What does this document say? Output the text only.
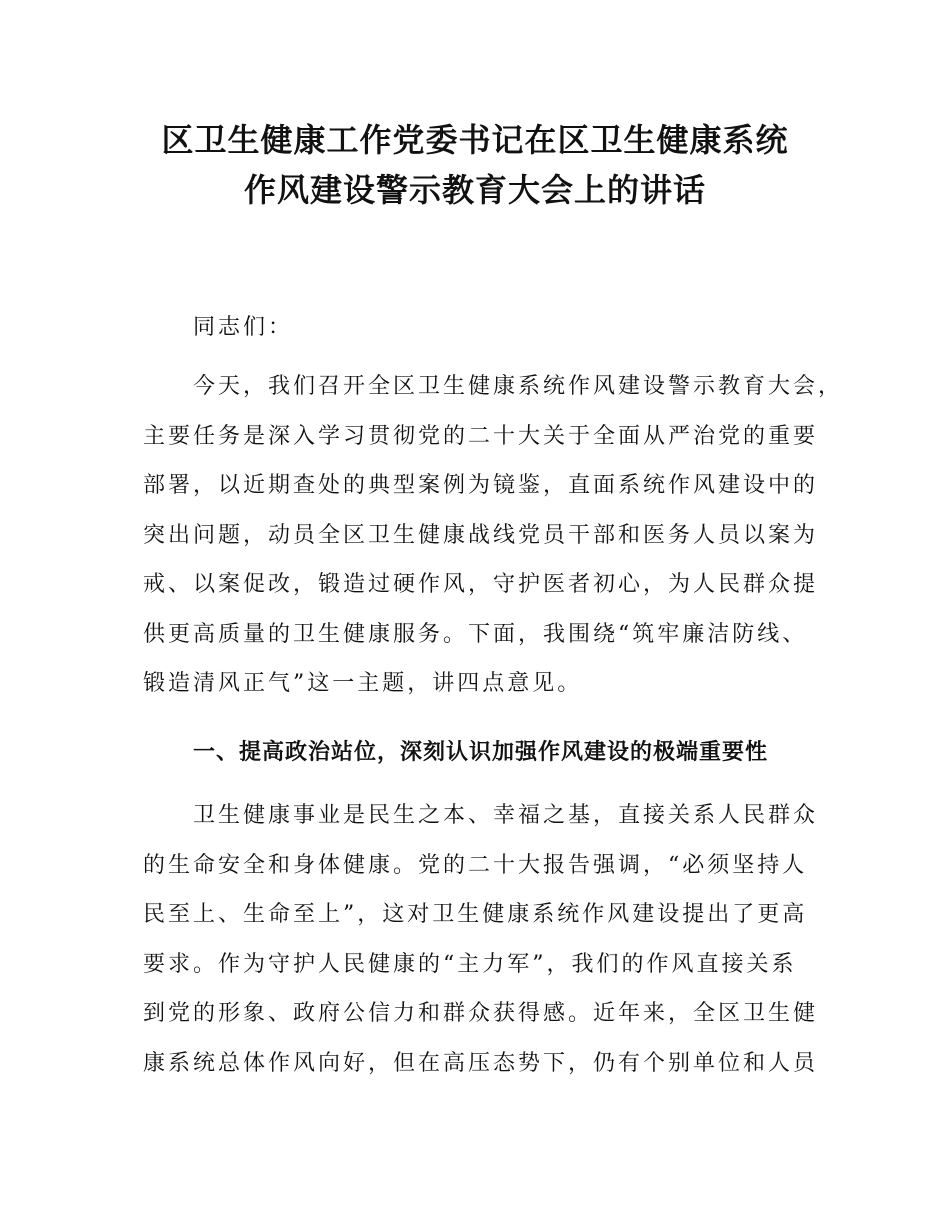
区卫生健康工作党委书记在区卫生健康系统
作风建设警示教育大会上的讲话

同志们：

今天，我们召开全区卫生健康系统作风建设警示教育大会，
主要任务是深入学习贯彻党的二十大关于全面从严治党的重要
部署，以近期查处的典型案例为镜鉴，直面系统作风建设中的
突出问题，动员全区卫生健康战线党员干部和医务人员以案为
戒、以案促改，锻造过硬作风，守护医者初心，为人民群众提
供更高质量的卫生健康服务。下面，我围绕“筑牢廉洁防线、
锻造清风正气”这一主题，讲四点意见。
一、提高政治站位，深刻认识加强作风建设的极端重要性
卫生健康事业是民生之本、幸福之基，直接关系人民群众
的生命安全和身体健康。党的二十大报告强调，“必须坚持人
民至上、生命至上”，这对卫生健康系统作风建设提出了更高
要求。作为守护人民健康的“主力军”，我们的作风直接关系
到党的形象、政府公信力和群众获得感。近年来，全区卫生健
康系统总体作风向好，但在高压态势下，仍有个别单位和人员
